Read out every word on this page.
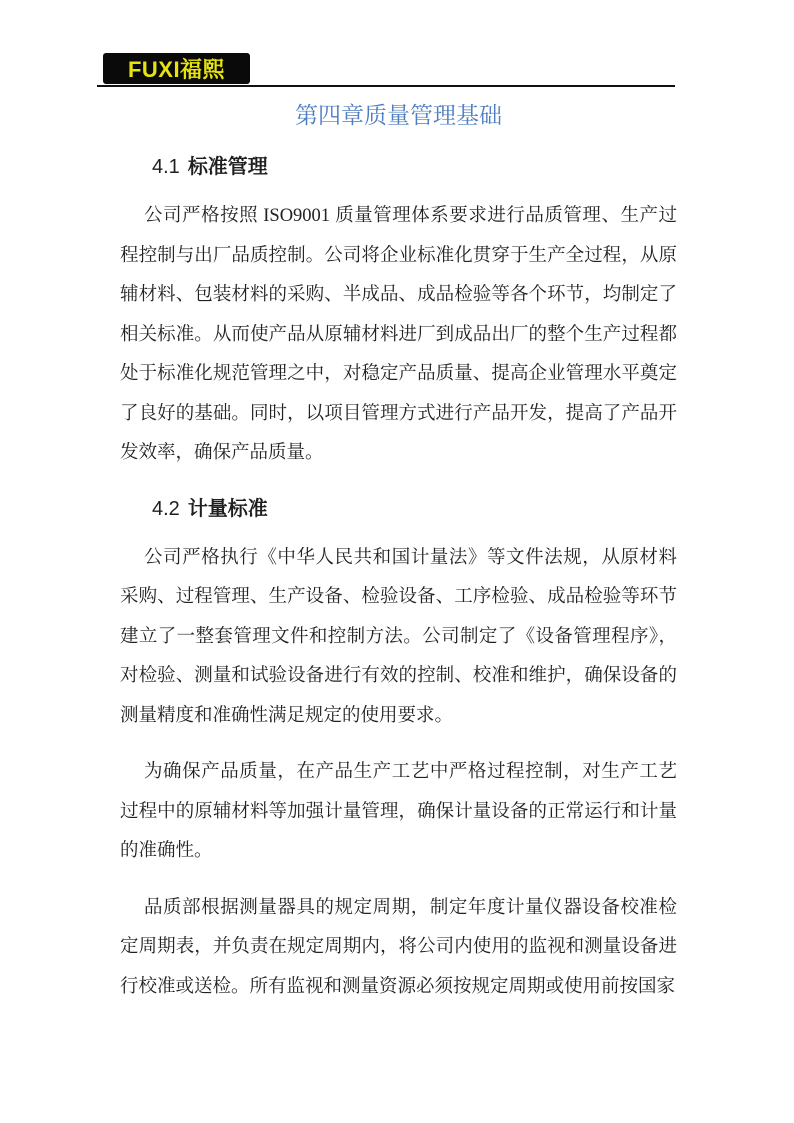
FUXI福熙
第四章质量管理基础
4.1 标准管理

公司严格按照 ISO9001 质量管理体系要求进行品质管理、生产过程控制与出厂品质控制。公司将企业标准化贯穿于生产全过程，从原辅材料、包装材料的采购、半成品、成品检验等各个环节，均制定了相关标准。从而使产品从原辅材料进厂到成品出厂的整个生产过程都处于标准化规范管理之中，对稳定产品质量、提高企业管理水平奠定了良好的基础。同时，以项目管理方式进行产品开发，提高了产品开发效率，确保产品质量。

4.2 计量标准

公司严格执行《中华人民共和国计量法》等文件法规，从原材料采购、过程管理、生产设备、检验设备、工序检验、成品检验等环节建立了一整套管理文件和控制方法。公司制定了《设备管理程序》，对检验、测量和试验设备进行有效的控制、校准和维护，确保设备的测量精度和准确性满足规定的使用要求。

为确保产品质量，在产品生产工艺中严格过程控制，对生产工艺过程中的原辅材料等加强计量管理，确保计量设备的正常运行和计量的准确性。

品质部根据测量器具的规定周期，制定年度计量仪器设备校准检定周期表，并负责在规定周期内，将公司内使用的监视和测量设备进行校准或送检。所有监视和测量资源必须按规定周期或使用前按国家
